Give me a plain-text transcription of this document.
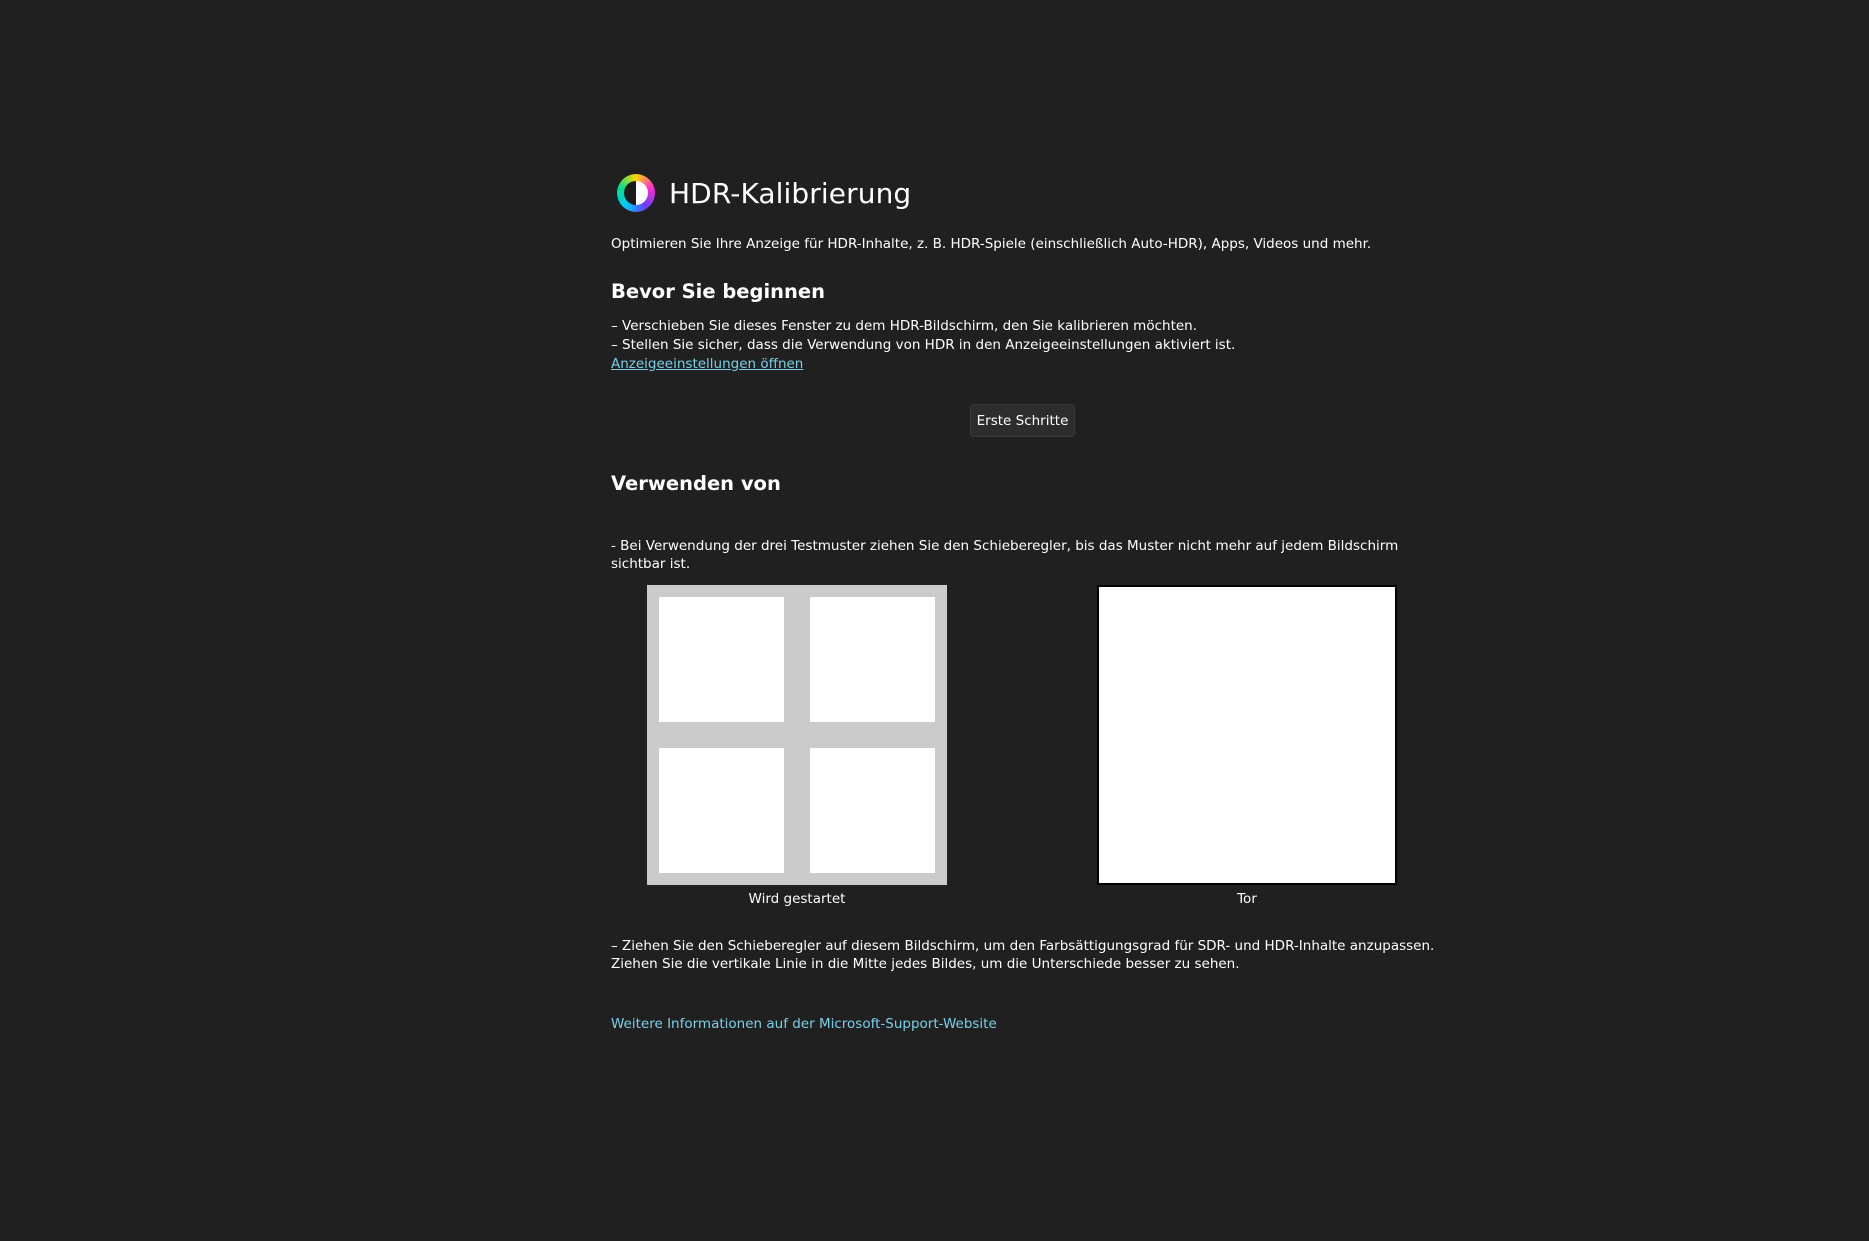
HDR-Kalibrierung
Optimieren Sie Ihre Anzeige für HDR-Inhalte, z. B. HDR-Spiele (einschließlich Auto-HDR), Apps, Videos und mehr.
Bevor Sie beginnen
– Verschieben Sie dieses Fenster zu dem HDR-Bildschirm, den Sie kalibrieren möchten.
– Stellen Sie sicher, dass die Verwendung von HDR in den Anzeigeeinstellungen aktiviert ist.
Anzeigeeinstellungen öffnen
Erste Schritte
Verwenden von
- Bei Verwendung der drei Testmuster ziehen Sie den Schieberegler, bis das Muster nicht mehr auf jedem Bildschirm sichtbar ist.
Wird gestartet	Tor
– Ziehen Sie den Schieberegler auf diesem Bildschirm, um den Farbsättigungsgrad für SDR- und HDR-Inhalte anzupassen. Ziehen Sie die vertikale Linie in die Mitte jedes Bildes, um die Unterschiede besser zu sehen.
Weitere Informationen auf der Microsoft-Support-Website
